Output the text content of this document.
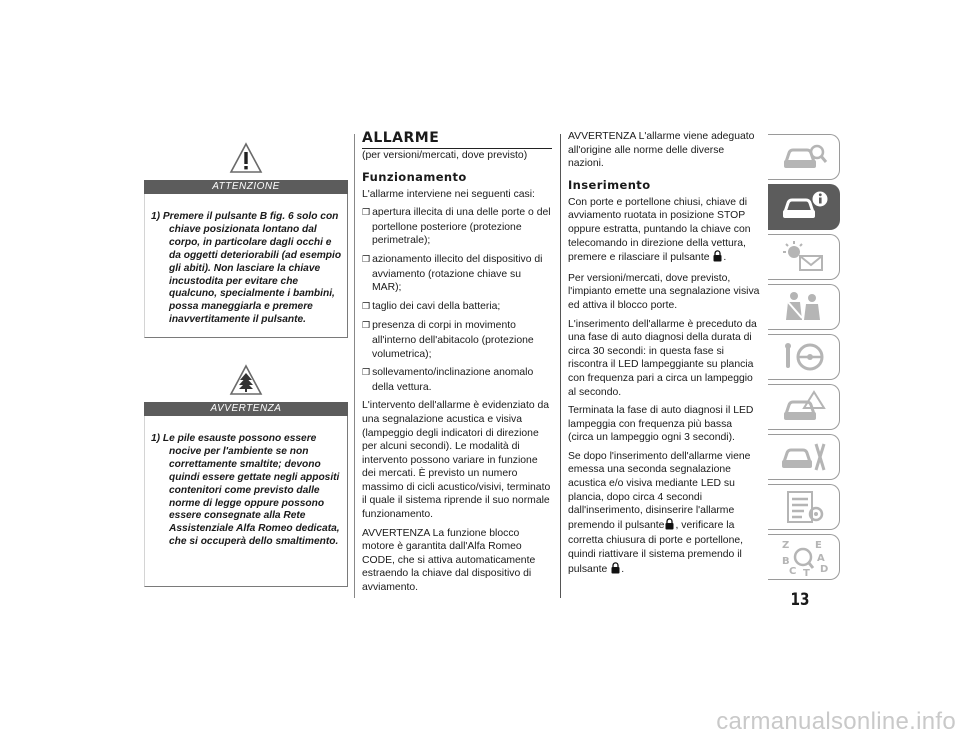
ATTENZIONE

1) Premere il pulsante B fig. 6 solo con chiave posizionata lontano dal corpo, in particolare dagli occhi e da oggetti deteriorabili (ad esempio gli abiti). Non lasciare la chiave incustodita per evitare che qualcuno, specialmente i bambini, possa maneggiarla e premere inavvertitamente il pulsante.

AVVERTENZA

1) Le pile esauste possono essere nocive per l'ambiente se non correttamente smaltite; devono quindi essere gettate negli appositi contenitori come previsto dalle norme di legge oppure possono essere consegnate alla Rete Assistenziale Alfa Romeo dedicata, che si occuperà dello smaltimento.

ALLARME

(per versioni/mercati, dove previsto)

Funzionamento

L'allarme interviene nei seguenti casi:

❒ apertura illecita di una delle porte o del portellone posteriore (protezione perimetrale);
❒ azionamento illecito del dispositivo di avviamento (rotazione chiave su MAR);
❒ taglio dei cavi della batteria;
❒ presenza di corpi in movimento all'interno dell'abitacolo (protezione volumetrica);
❒ sollevamento/inclinazione anomalo della vettura.

L'intervento dell'allarme è evidenziato da una segnalazione acustica e visiva (lampeggio degli indicatori di direzione per alcuni secondi). Le modalità di intervento possono variare in funzione dei mercati. È previsto un numero massimo di cicli acustico/visivi, terminato il quale il sistema riprende il suo normale funzionamento.

AVVERTENZA La funzione blocco motore è garantita dall'Alfa Romeo CODE, che si attiva automaticamente estraendo la chiave dal dispositivo di avviamento.

AVVERTENZA L'allarme viene adeguato all'origine alle norme delle diverse nazioni.

Inserimento

Con porte e portellone chiusi, chiave di avviamento ruotata in posizione STOP oppure estratta, puntando la chiave con telecomando in direzione della vettura, premere e rilasciare il pulsante .

Per versioni/mercati, dove previsto, l'impianto emette una segnalazione visiva ed attiva il blocco porte.

L'inserimento dell'allarme è preceduto da una fase di auto diagnosi della durata di circa 30 secondi: in questa fase si riscontra il LED lampeggiante su plancia con frequenza pari a circa un lampeggio al secondo.

Terminata la fase di auto diagnosi il LED lampeggia con frequenza più bassa (circa un lampeggio ogni 3 secondi).

Se dopo l'inserimento dell'allarme viene emessa una seconda segnalazione acustica e/o visiva mediante LED su plancia, dopo circa 4 secondi dall'inserimento, disinserire l'allarme premendo il pulsante , verificare la corretta chiusura di porte e portellone, quindi riattivare il sistema premendo il pulsante .

Z	E
A
D
B
C T
13
carmanualsonline.info
